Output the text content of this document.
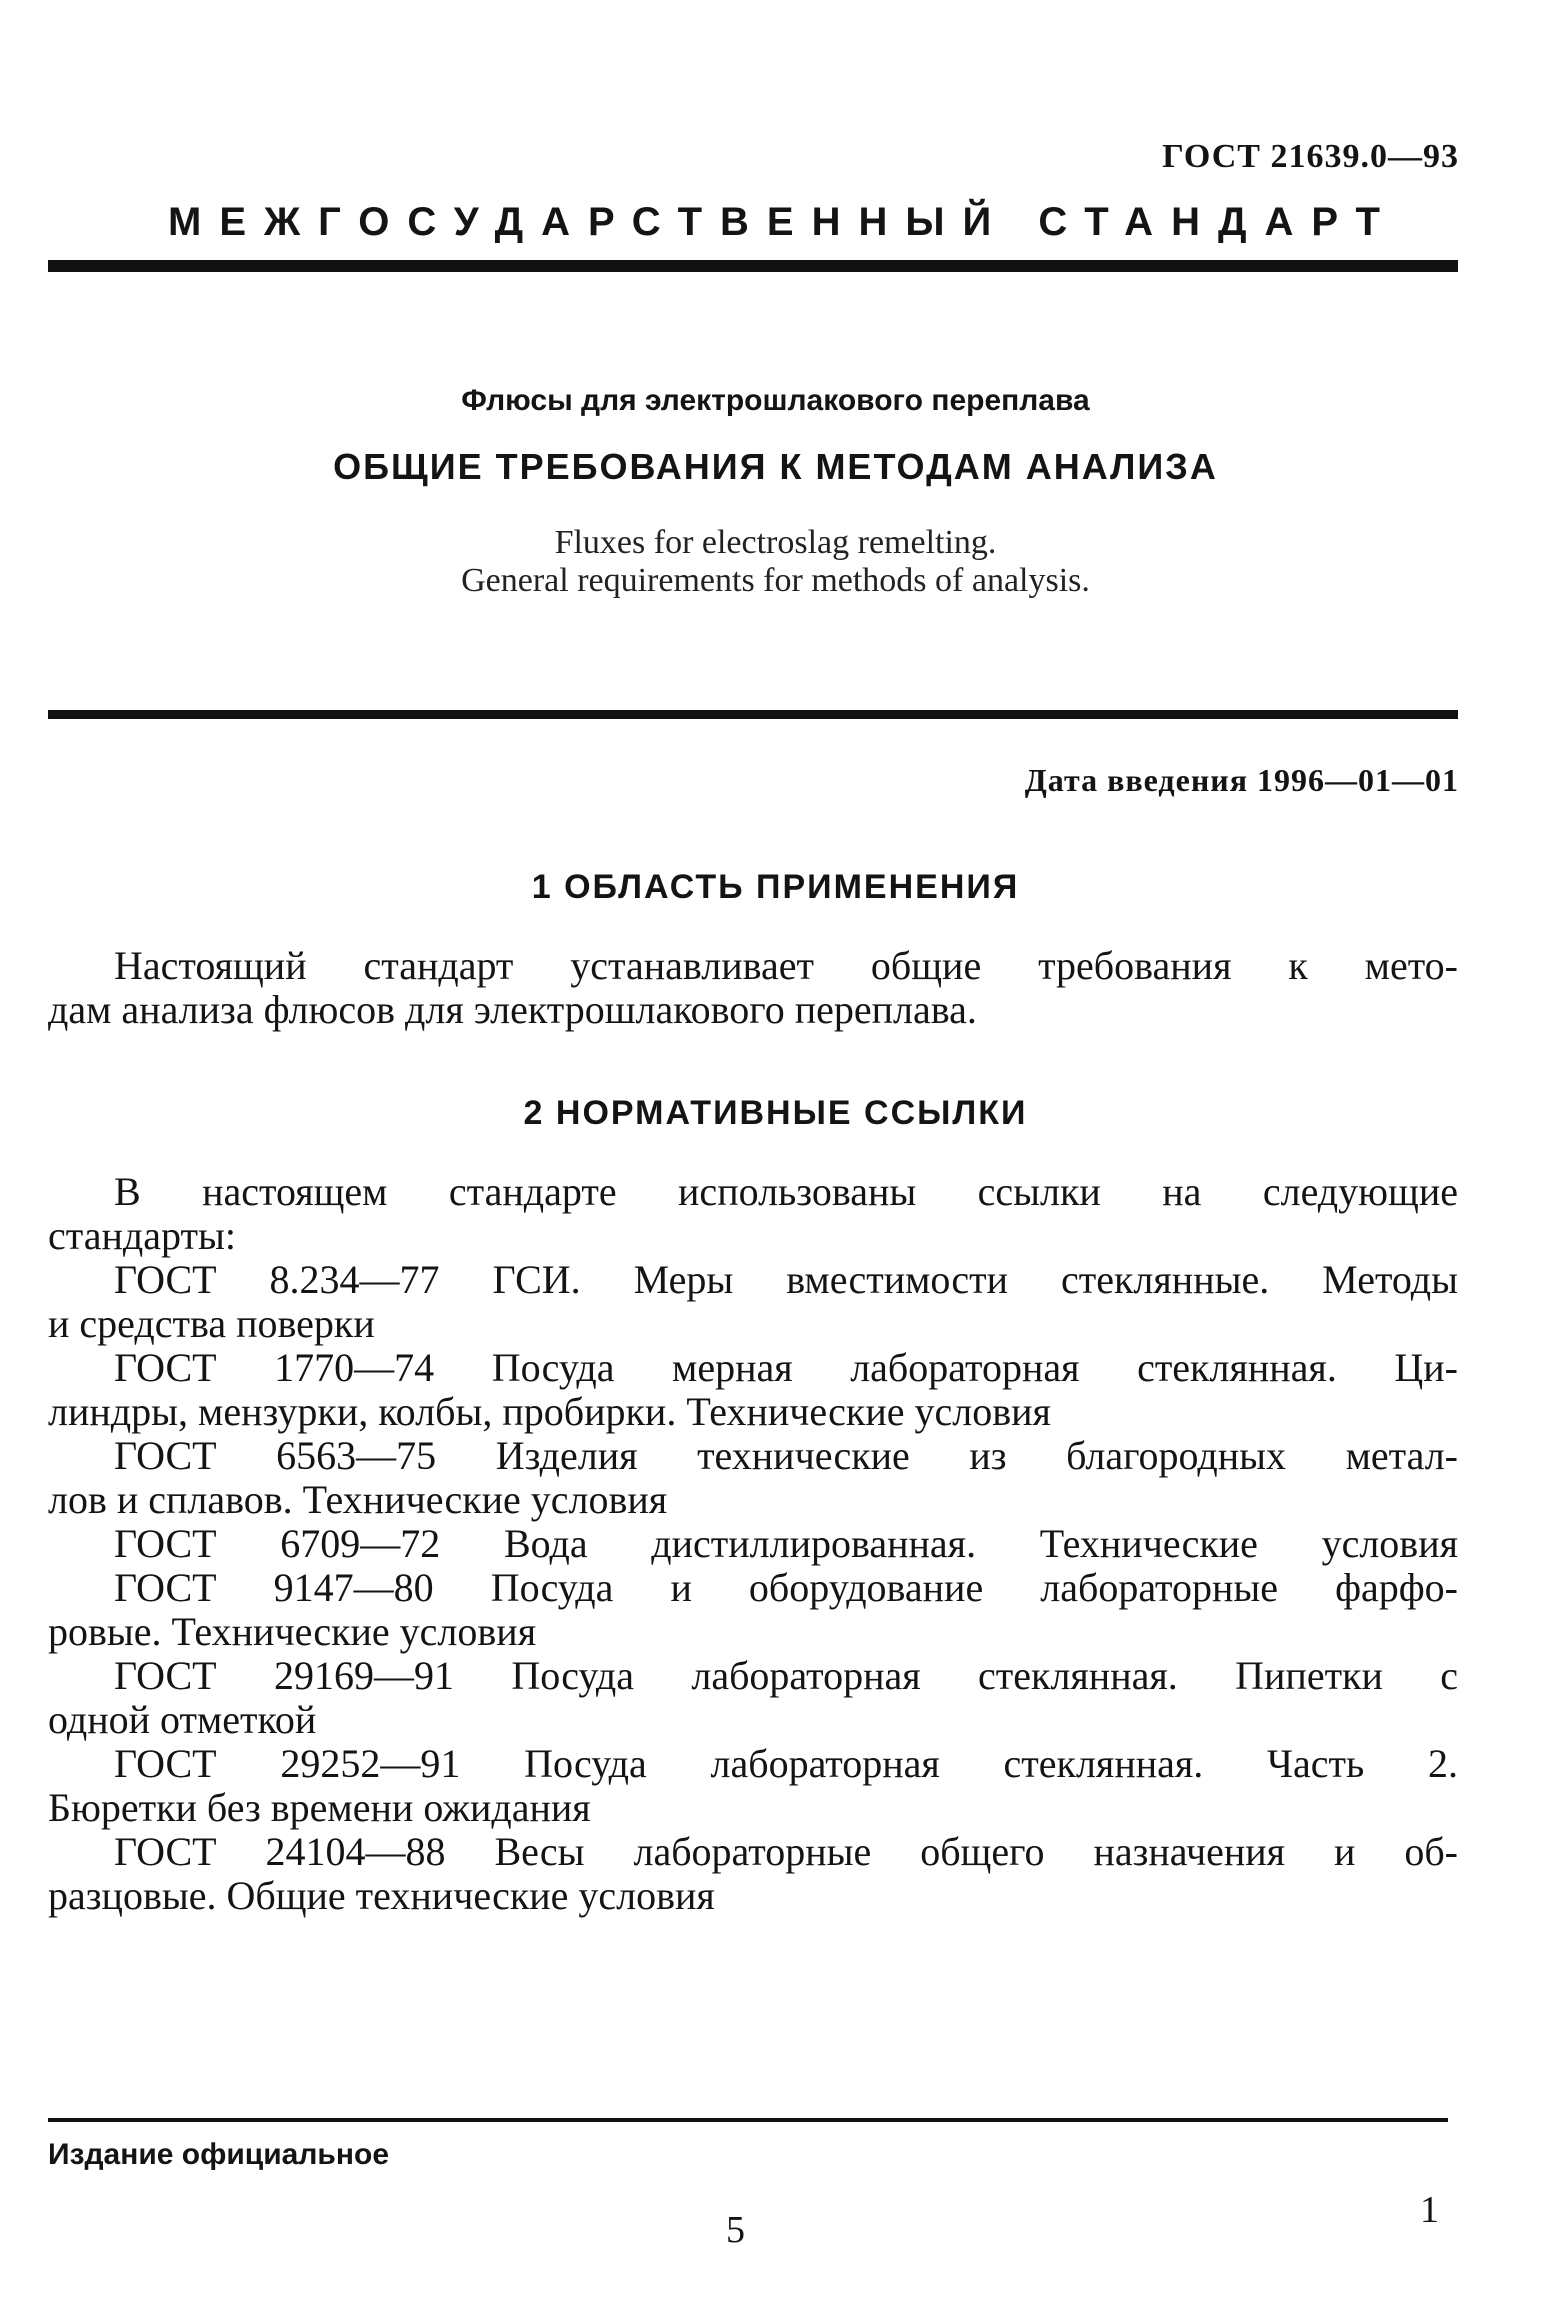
ГОСТ 21639.0—93
МЕЖГОСУДАРСТВЕННЫЙ СТАНДАРТ
Флюсы для электрошлакового переплава
ОБЩИЕ ТРЕБОВАНИЯ К МЕТОДАМ АНАЛИЗА
Fluxes for electroslag remelting.
General requirements for methods of analysis.
Дата введения 1996—01—01
1 ОБЛАСТЬ ПРИМЕНЕНИЯ
Настоящий стандарт устанавливает общие требования к мето-
дам анализа флюсов для электрошлакового переплава.
2 НОРМАТИВНЫЕ ССЫЛКИ
В настоящем стандарте использованы ссылки на следующие
стандарты:
ГОСТ 8.234—77 ГСИ. Меры вместимости стеклянные. Методы
и средства поверки
ГОСТ 1770—74 Посуда мерная лабораторная стеклянная. Ци-
линдры, мензурки, колбы, пробирки. Технические условия
ГОСТ 6563—75 Изделия технические из благородных метал-
лов и сплавов. Технические условия
ГОСТ 6709—72 Вода дистиллированная. Технические условия
ГОСТ 9147—80 Посуда и оборудование лабораторные фарфо-
ровые. Технические условия
ГОСТ 29169—91 Посуда лабораторная стеклянная. Пипетки с
одной отметкой
ГОСТ 29252—91 Посуда лабораторная стеклянная. Часть 2.
Бюретки без времени ожидания
ГОСТ 24104—88 Весы лабораторные общего назначения и об-
разцовые. Общие технические условия
Издание официальное
5	1
